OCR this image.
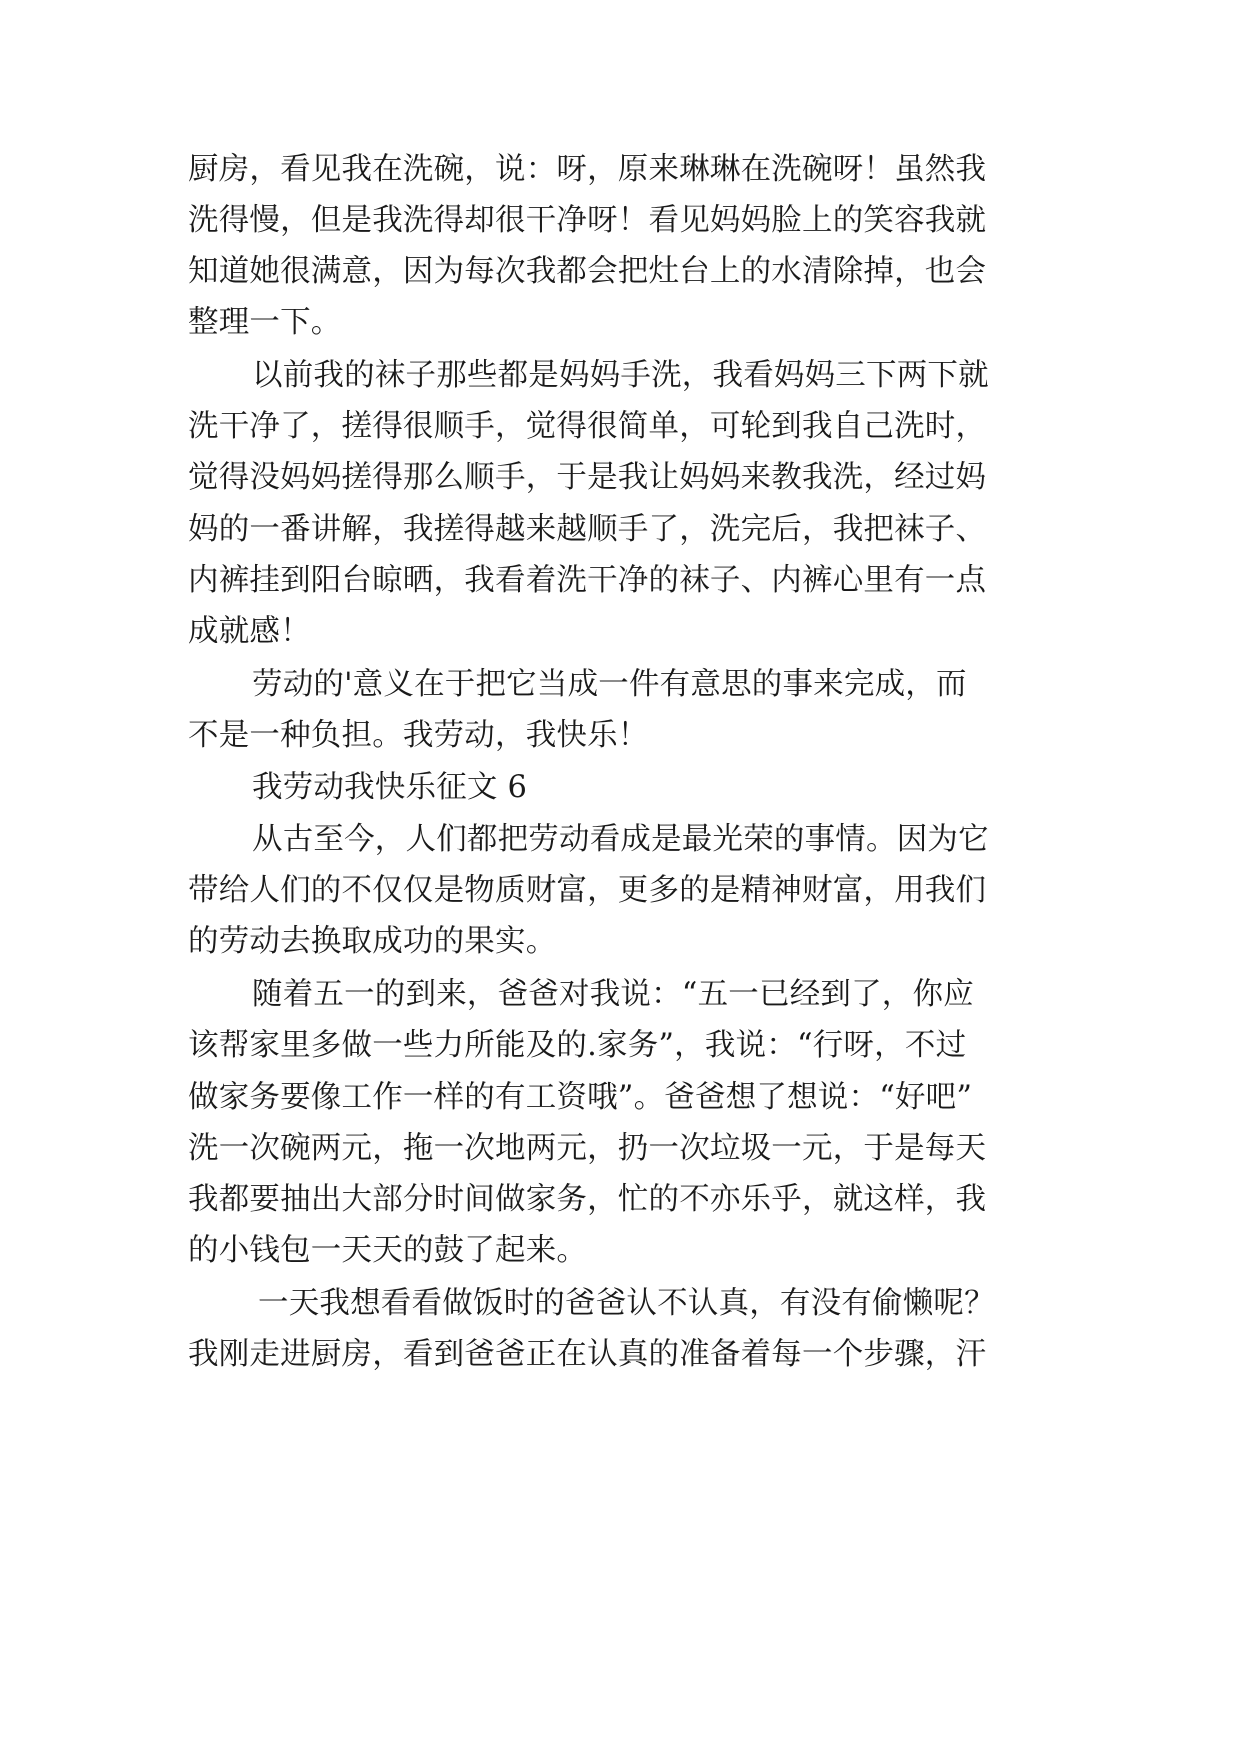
厨房，看见我在洗碗，说：呀，原来琳琳在洗碗呀！虽然我
洗得慢，但是我洗得却很干净呀！看见妈妈脸上的笑容我就
知道她很满意，因为每次我都会把灶台上的水清除掉，也会
整理一下。
以前我的袜子那些都是妈妈手洗，我看妈妈三下两下就
洗干净了，搓得很顺手，觉得很简单，可轮到我自己洗时，
觉得没妈妈搓得那么顺手，于是我让妈妈来教我洗，经过妈
妈的一番讲解，我搓得越来越顺手了，洗完后，我把袜子、
内裤挂到阳台晾晒，我看着洗干净的袜子、内裤心里有一点
成就感！
劳动的'意义在于把它当成一件有意思的事来完成，而
不是一种负担。我劳动，我快乐！
我劳动我快乐征文 6
从古至今，人们都把劳动看成是最光荣的事情。因为它
带给人们的不仅仅是物质财富，更多的是精神财富，用我们
的劳动去换取成功的果实。
随着五一的到来，爸爸对我说：“五一已经到了，你应
该帮家里多做一些力所能及的.家务”，我说：“行呀，不过
做家务要像工作一样的有工资哦”。爸爸想了想说：“好吧”
洗一次碗两元，拖一次地两元，扔一次垃圾一元，于是每天
我都要抽出大部分时间做家务，忙的不亦乐乎，就这样，我
的小钱包一天天的鼓了起来。
一天我想看看做饭时的爸爸认不认真，有没有偷懒呢？
我刚走进厨房，看到爸爸正在认真的准备着每一个步骤，汗
